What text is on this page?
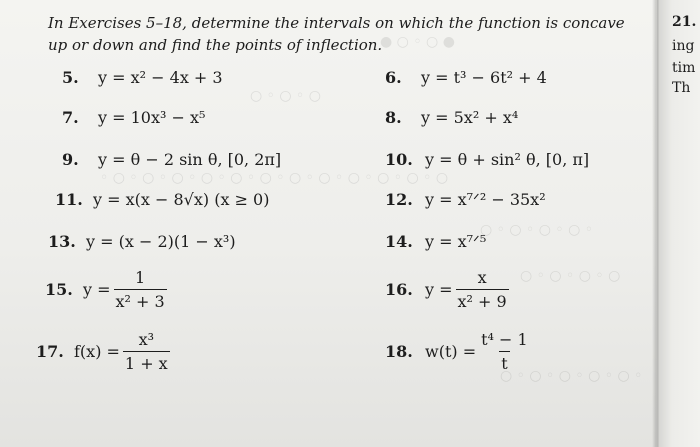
● ○ ◦ ○ ●
○ ◦ ○ ◦ ○
◦ ○ ◦ ○ ◦ ○ ◦ ○ ◦ ○ ◦ ○ ◦ ○ ◦ ○ ◦ ○ ◦ ○ ◦ ○ ◦ ○
○ ◦ ○ ◦ ○ ◦ ○ ◦
○ ◦ ○ ◦ ○ ◦ ○
○ ◦ ○ ◦ ○ ◦ ○ ◦ ○ ◦
In Exercises 5–18, determine the intervals on which the function is concave up or down and find the points of inflection.
5. y = x² − 4x + 3	6. y = t³ − 6t² + 4
7. y = 10x³ − x⁵	8. y = 5x² + x⁴
9. y = θ − 2 sin θ, [0, 2π]	10. y = θ + sin² θ, [0, π]
11. y = x(x − 8√x) (x ≥ 0)	12. y = x⁷ᐟ² − 35x²
13. y = (x − 2)(1 − x³)	14. y = x⁷ᐟ⁵
15. $y = \frac{1}{\text{x² + 3}}$	16. $y = \frac{x}{\text{x² + 9}}$
17. $f(x) = \frac{\text{x³}}{1 + x}$	18. $w(t) = \frac{\text{t⁴ − 1}}{t}$
21.
ing
tim
Th
